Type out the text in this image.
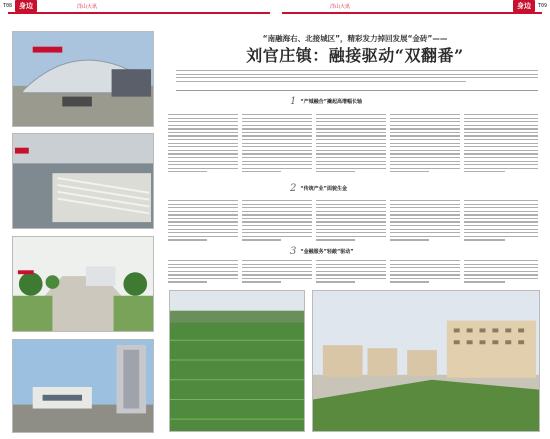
T08	身边	洋山大讯	洋山大讯	身边	T09
“南融海右、北接城区”，精彩发力掉回发展“金砖”——
刘官庄镇：融接驱动“双翻番”
1 “产城融合”撬起高增幅长轴
2 “传统产业”面貌生金
3 “金融服务”轻敲“驱动”
